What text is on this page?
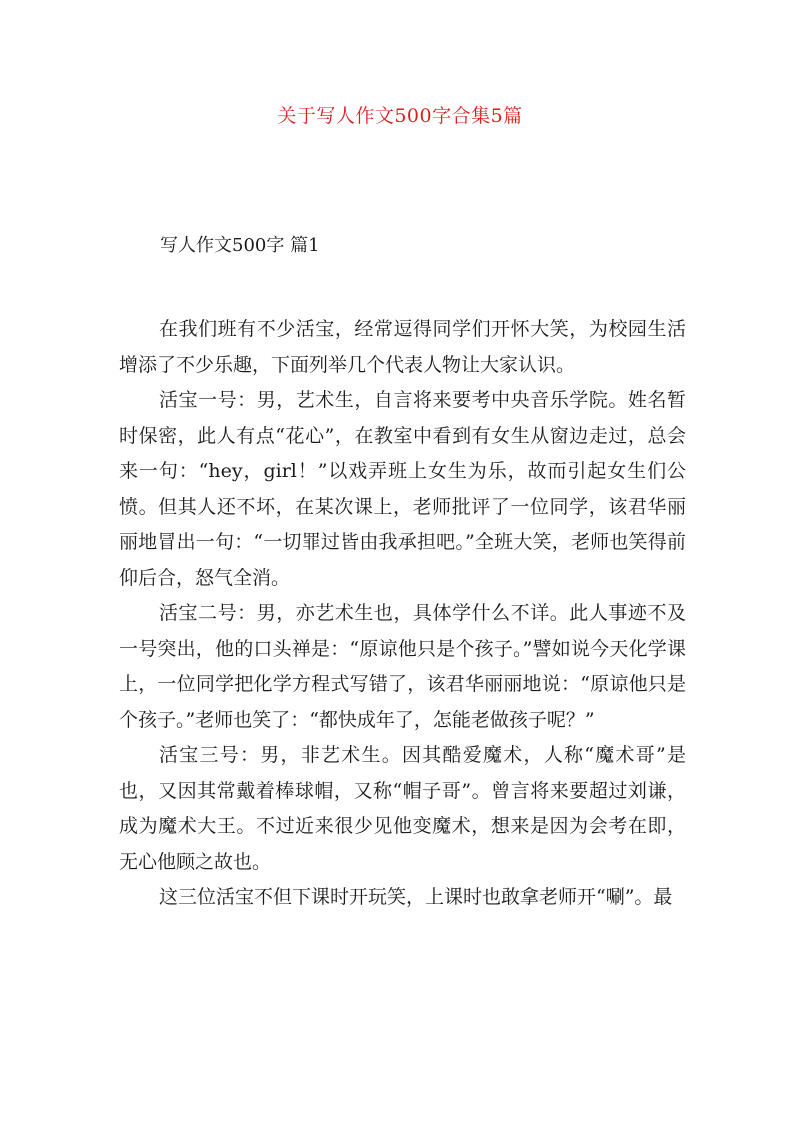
关于写人作文500字合集5篇
写人作文500字 篇1

在我们班有不少活宝，经常逗得同学们开怀大笑，为校园生活增添了不少乐趣，下面列举几个代表人物让大家认识。

活宝一号：男，艺术生，自言将来要考中央音乐学院。姓名暂时保密，此人有点“花心”，在教室中看到有女生从窗边走过，总会来一句：“hey，girl！”以戏弄班上女生为乐，故而引起女生们公愤。但其人还不坏，在某次课上，老师批评了一位同学，该君华丽丽地冒出一句：“一切罪过皆由我承担吧。”全班大笑，老师也笑得前仰后合，怒气全消。

活宝二号：男，亦艺术生也，具体学什么不详。此人事迹不及一号突出，他的口头禅是：“原谅他只是个孩子。”譬如说今天化学课上，一位同学把化学方程式写错了，该君华丽丽地说：“原谅他只是个孩子。”老师也笑了：“都快成年了，怎能老做孩子呢？”

活宝三号：男，非艺术生。因其酷爱魔术，人称“魔术哥”是也，又因其常戴着棒球帽，又称“帽子哥”。曾言将来要超过刘谦，成为魔术大王。不过近来很少见他变魔术，想来是因为会考在即，无心他顾之故也。

这三位活宝不但下课时开玩笑，上课时也敢拿老师开“唰”。最
